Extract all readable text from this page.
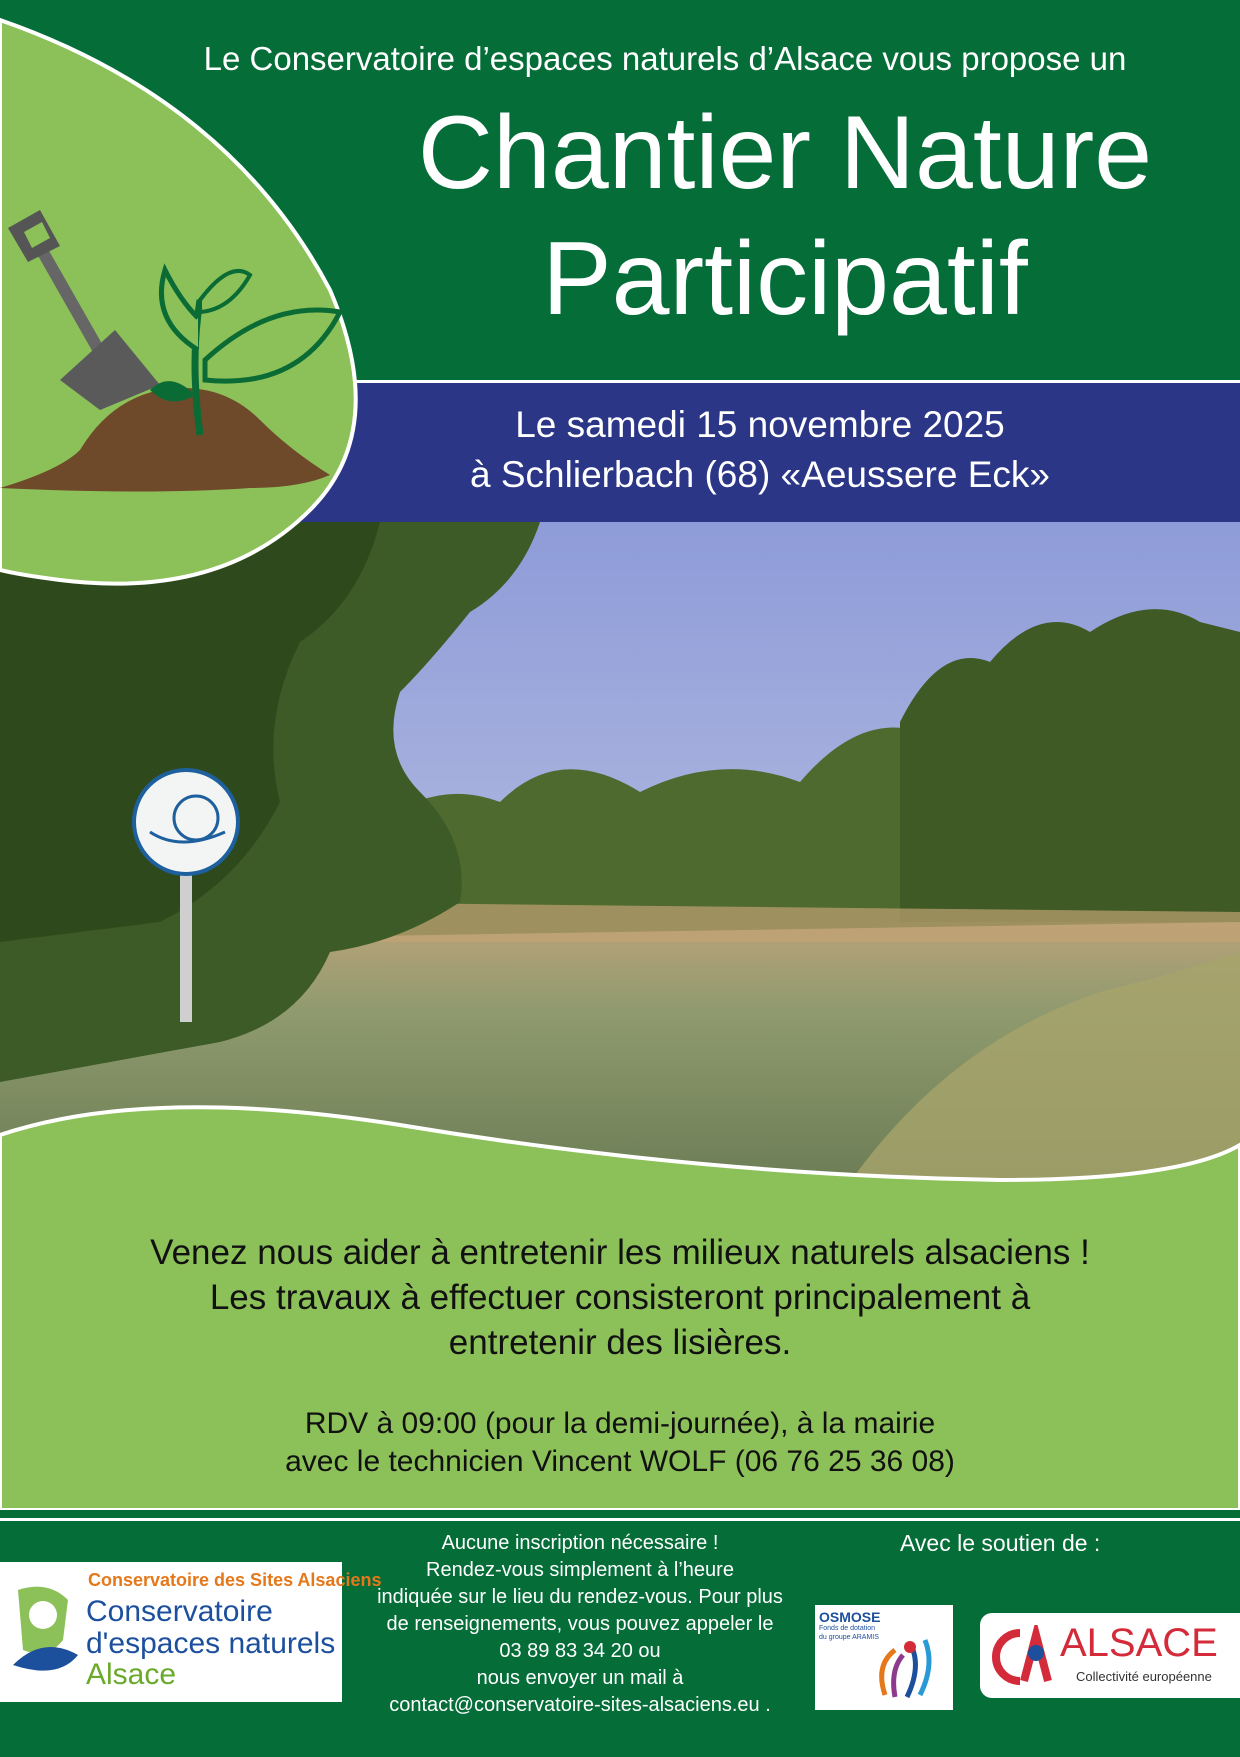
Le Conservatoire d’espaces naturels d’Alsace vous propose un
Chantier Nature
Participatif
Le samedi 15 novembre 2025
à Schlierbach (68) «Aeussere Eck»
Venez nous aider à entretenir les milieux naturels alsaciens !
Les travaux à effectuer consisteront principalement à
entretenir des lisières.
RDV à 09:00 (pour la demi-journée), à la mairie
avec le technicien Vincent WOLF (06 76 25 36 08)
Conservatoire des Sites Alsaciens
Conservatoire
d'espaces naturels
Alsace
Aucune inscription nécessaire !
Rendez-vous simplement à l’heure
indiquée sur le lieu du rendez-vous. Pour plus
de renseignements, vous pouvez appeler le
03 89 83 34 20 ou
nous envoyer un mail à
contact@conservatoire-sites-alsaciens.eu .
Avec le soutien de :
OSMOSE
Fonds de dotation
du groupe ARAMIS	ALSACE
Collectivité européenne
